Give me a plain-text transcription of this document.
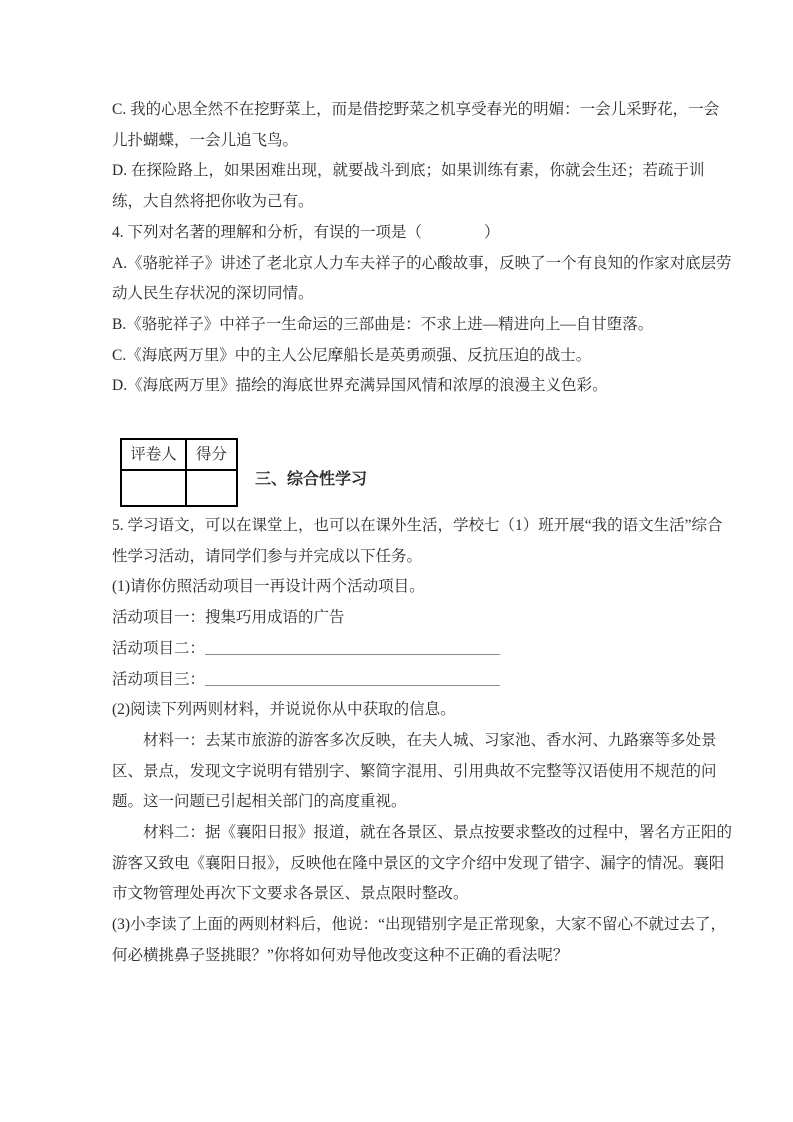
C. 我的心思全然不在挖野菜上，而是借挖野菜之机享受春光的明媚：一会儿采野花，一会儿扑蝴蝶，一会儿追飞鸟。

D. 在探险路上，如果困难出现，就要战斗到底；如果训练有素，你就会生还；若疏于训练，大自然将把你收为己有。

4. 下列对名著的理解和分析，有误的一项是（　　　　）

A.《骆驼祥子》讲述了老北京人力车夫祥子的心酸故事，反映了一个有良知的作家对底层劳动人民生存状况的深切同情。

B.《骆驼祥子》中祥子一生命运的三部曲是：不求上进—精进向上—自甘堕落。

C.《海底两万里》中的主人公尼摩船长是英勇顽强、反抗压迫的战士。

D.《海底两万里》描绘的海底世界充满异国风情和浓厚的浪漫主义色彩。

评卷人	得分

三、综合性学习

5. 学习语文，可以在课堂上，也可以在课外生活，学校七（1）班开展“我的语文生活”综合性学习活动，请同学们参与并完成以下任务。

(1)请你仿照活动项目一再设计两个活动项目。

活动项目一：搜集巧用成语的广告

活动项目二：

活动项目三：

(2)阅读下列两则材料，并说说你从中获取的信息。

材料一：去某市旅游的游客多次反映，在夫人城、习家池、香水河、九路寨等多处景区、景点，发现文字说明有错别字、繁简字混用、引用典故不完整等汉语使用不规范的问题。这一问题已引起相关部门的高度重视。

材料二：据《襄阳日报》报道，就在各景区、景点按要求整改的过程中，署名方正阳的游客又致电《襄阳日报》，反映他在隆中景区的文字介绍中发现了错字、漏字的情况。襄阳市文物管理处再次下文要求各景区、景点限时整改。

(3)小李读了上面的两则材料后，他说：“出现错别字是正常现象，大家不留心不就过去了，何必横挑鼻子竖挑眼？”你将如何劝导他改变这种不正确的看法呢？
